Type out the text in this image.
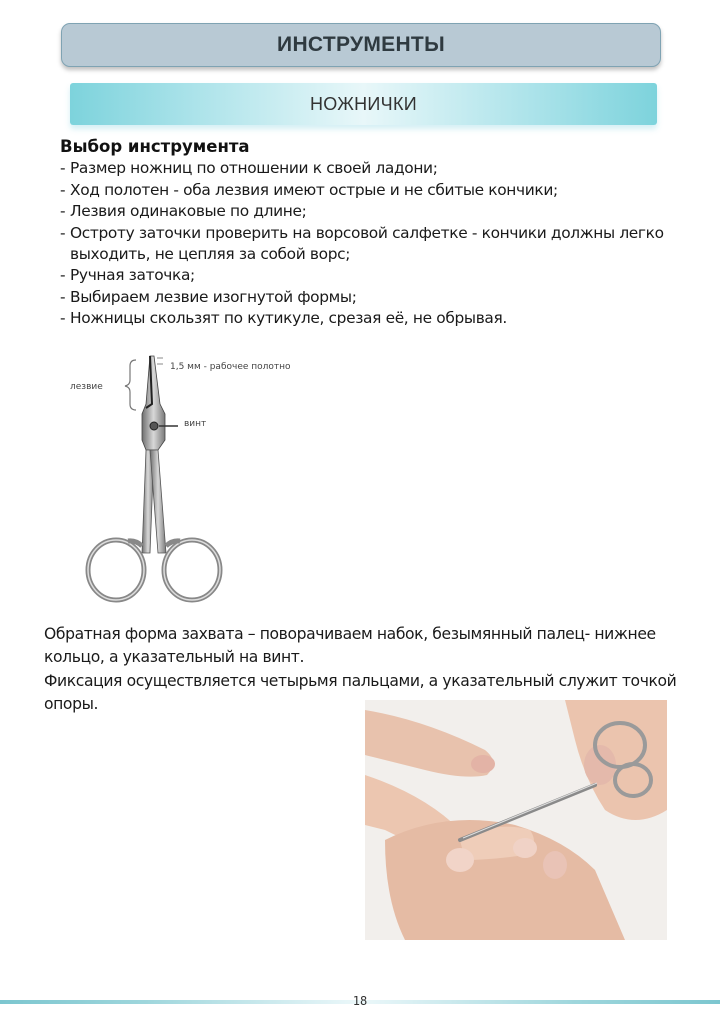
ИНСТРУМЕНТЫ
НОЖНИЧКИ
Выбор инструмента
- Размер ножниц по отношении к своей ладони;
- Ход полотен - оба лезвия имеют острые и не сбитые кончики;
- Лезвия одинаковые по длине;
- Остроту заточки проверить на ворсовой салфетке - кончики должны легко выходить, не цепляя за собой ворс;
- Ручная заточка;
- Выбираем лезвие изогнутой формы;
- Ножницы скользят по кутикуле, срезая её, не обрывая.
лезвие
1,5 мм - рабочее полотно
винт

Обратная форма захвата – поворачиваем набок, безымянный палец- нижнее кольцо, а указательный на винт.

Фиксация осуществляется четырьмя пальцами, а указательный служит точкой опоры.

18
